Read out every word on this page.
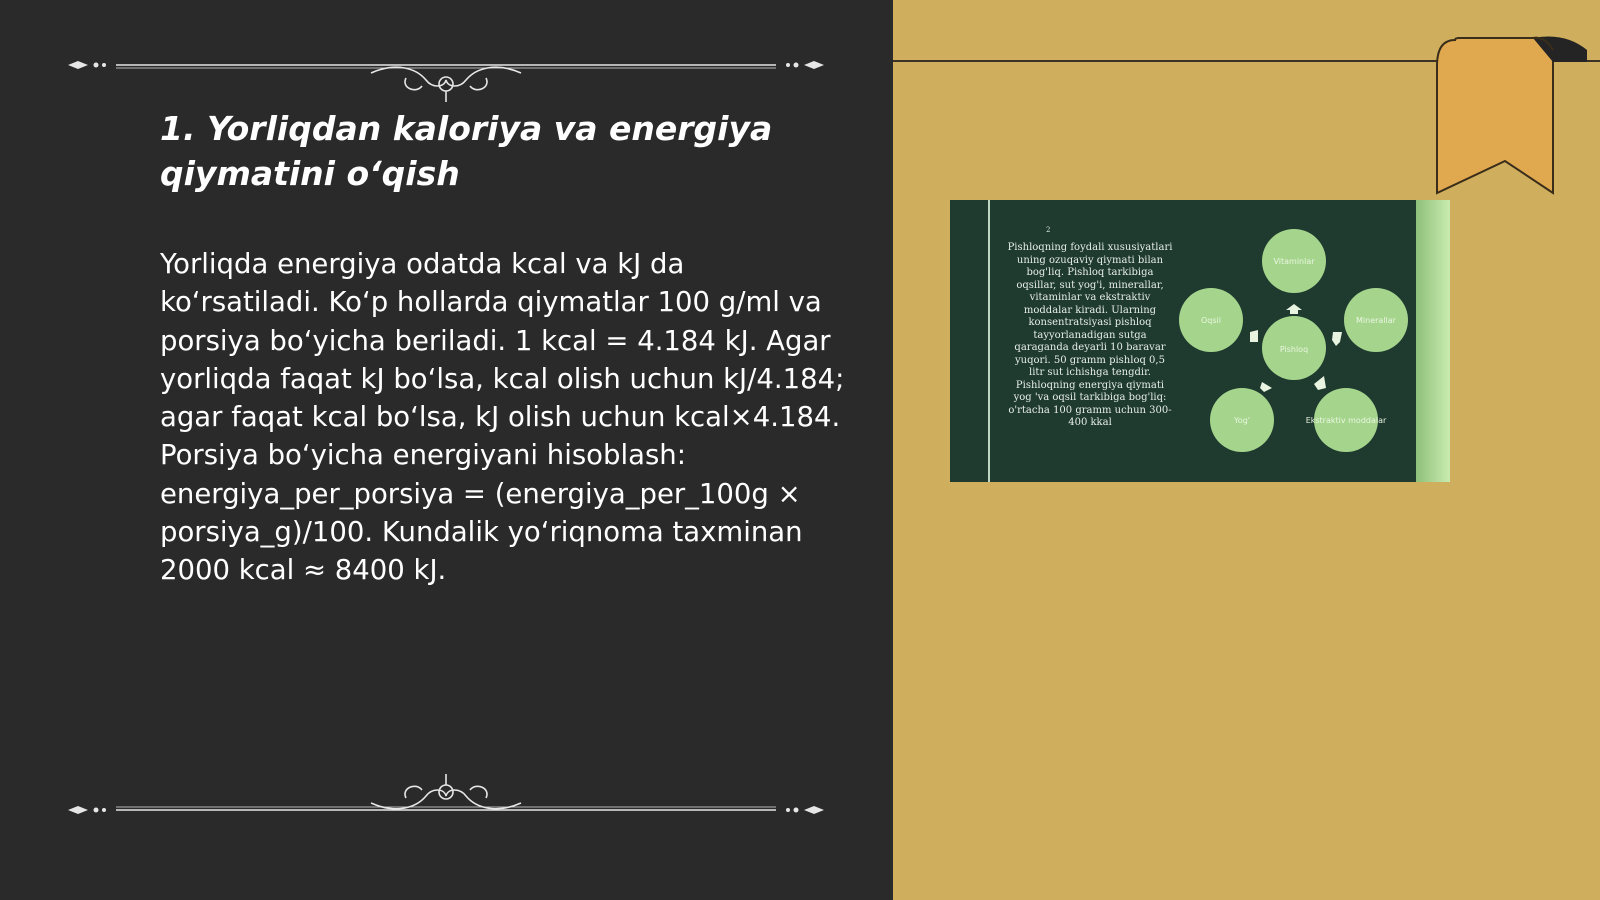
1. Yorliqdan kaloriya va energiya qiymatini o‘qish

Yorliqda energiya odatda kcal va kJ da ko‘rsatiladi. Ko‘p hollarda qiymatlar 100 g/ml va porsiya bo‘yicha beriladi. 1 kcal = 4.184 kJ. Agar yorliqda faqat kJ bo‘lsa, kcal olish uchun kJ/4.184; agar faqat kcal bo‘lsa, kJ olish uchun kcal×4.184. Porsiya bo‘yicha energiyani hisoblash: energiya_per_porsiya = (energiya_per_100g × porsiya_g)/100. Kundalik yo‘riqnoma taxminan 2000 kcal ≈ 8400 kJ.

2

Pishloqning foydali xususiyatlari uning ozuqaviy qiymati bilan bog'liq. Pishloq tarkibiga oqsillar, sut yog'i, minerallar, vitaminlar va ekstraktiv moddalar kiradi. Ularning konsentratsiyasi pishloq tayyorlanadigan sutga qaraganda deyarli 10 baravar yuqori. 50 gramm pishloq 0,5 litr sut ichishga tengdir. Pishloqning energiya qiymati yog 'va oqsil tarkibiga bog'liq: o'rtacha 100 gramm uchun 300-400 kkal

Pishloq
Vitaminlar
Minerallar
Ekstraktiv moddalar
Yog'
Oqsil
